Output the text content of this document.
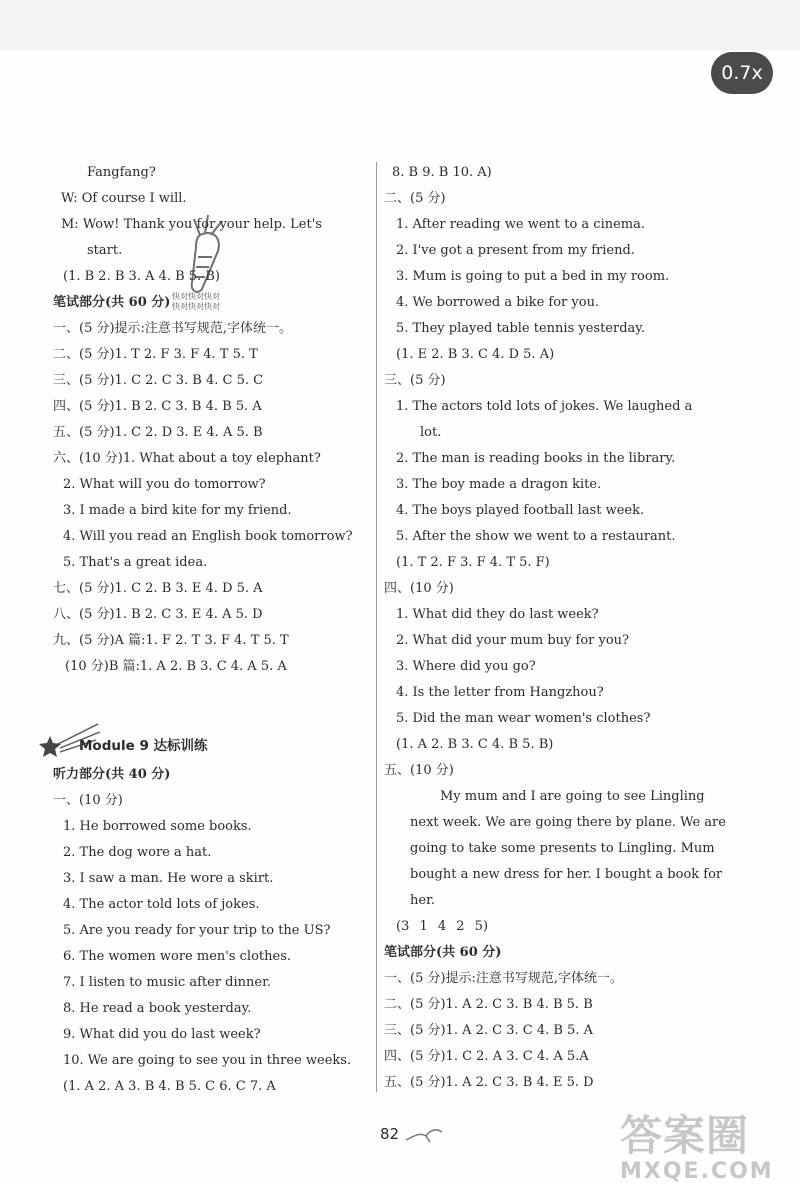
0.7x
快对快对快对
快对快对快对
Fangfang?
W: Of course I will.
M: Wow! Thank you for your help. Let's
start.
(1. B 2. B 3. A 4. B 5. B)
笔试部分(共 60 分)
一、(5 分)提示:注意书写规范,字体统一。
二、(5 分)1. T 2. F 3. F 4. T 5. T
三、(5 分)1. C 2. C 3. B 4. C 5. C
四、(5 分)1. B 2. C 3. B 4. B 5. A
五、(5 分)1. C 2. D 3. E 4. A 5. B
六、(10 分)1. What about a toy elephant?
2. What will you do tomorrow?
3. I made a bird kite for my friend.
4. Will you read an English book tomorrow?
5. That's a great idea.
七、(5 分)1. C 2. B 3. E 4. D 5. A
八、(5 分)1. B 2. C 3. E 4. A 5. D
九、(5 分)A 篇:1. F 2. T 3. F 4. T 5. T
(10 分)B 篇:1. A 2. B 3. C 4. A 5. A
Module 9 达标训练
听力部分(共 40 分)
一、(10 分)
1. He borrowed some books.
2. The dog wore a hat.
3. I saw a man. He wore a skirt.
4. The actor told lots of jokes.
5. Are you ready for your trip to the US?
6. The women wore men's clothes.
7. I listen to music after dinner.
8. He read a book yesterday.
9. What did you do last week?
10. We are going to see you in three weeks.
(1. A 2. A 3. B 4. B 5. C 6. C 7. A
8. B 9. B 10. A)
二、(5 分)
1. After reading we went to a cinema.
2. I've got a present from my friend.
3. Mum is going to put a bed in my room.
4. We borrowed a bike for you.
5. They played table tennis yesterday.
(1. E 2. B 3. C 4. D 5. A)
三、(5 分)
1. The actors told lots of jokes. We laughed a
lot.
2. The man is reading books in the library.
3. The boy made a dragon kite.
4. The boys played football last week.
5. After the show we went to a restaurant.
(1. T 2. F 3. F 4. T 5. F)
四、(10 分)
1. What did they do last week?
2. What did your mum buy for you?
3. Where did you go?
4. Is the letter from Hangzhou?
5. Did the man wear women's clothes?
(1. A 2. B 3. C 4. B 5. B)
五、(10 分)
My mum and I are going to see Lingling
next week. We are going there by plane. We are
going to take some presents to Lingling. Mum
bought a new dress for her. I bought a book for
her.
(3 1 4 2 5)
笔试部分(共 60 分)
一、(5 分)提示:注意书写规范,字体统一。
二、(5 分)1. A 2. C 3. B 4. B 5. B
三、(5 分)1. A 2. C 3. C 4. B 5. A
四、(5 分)1. C 2. A 3. C 4. A 5.A
五、(5 分)1. A 2. C 3. B 4. E 5. D
82	答案圈
MXQE.COM
